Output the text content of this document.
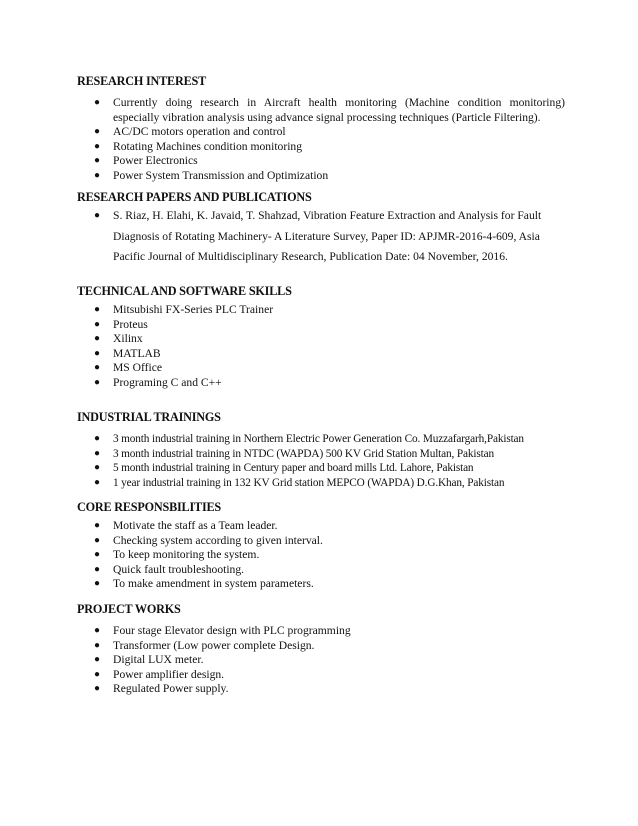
RESEARCH INTEREST
● Currently doing research in Aircraft health monitoring (Machine condition monitoring) especially vibration analysis using advance signal processing techniques (Particle Filtering).
● AC/DC motors operation and control
● Rotating Machines condition monitoring
● Power Electronics
● Power System Transmission and Optimization
RESEARCH PAPERS AND PUBLICATIONS
● S. Riaz, H. Elahi, K. Javaid, T. Shahzad, Vibration Feature Extraction and Analysis for Fault Diagnosis of Rotating Machinery- A Literature Survey, Paper ID: APJMR-2016-4-609, Asia Pacific Journal of Multidisciplinary Research, Publication Date: 04 November, 2016.
TECHNICAL AND SOFTWARE SKILLS
● Mitsubishi FX-Series PLC Trainer
● Proteus
● Xilinx
● MATLAB
● MS Office
● Programing C and C++
INDUSTRIAL TRAININGS
● 3 month industrial training in Northern Electric Power Generation Co. Muzzafargarh,Pakistan
● 3 month industrial training in NTDC (WAPDA) 500 KV Grid Station Multan, Pakistan
● 5 month industrial training in Century paper and board mills Ltd. Lahore, Pakistan
● 1 year industrial training in 132 KV Grid station MEPCO (WAPDA) D.G.Khan, Pakistan
CORE RESPONSBILITIES
● Motivate the staff as a Team leader.
● Checking system according to given interval.
● To keep monitoring the system.
● Quick fault troubleshooting.
● To make amendment in system parameters.
PROJECT WORKS
● Four stage Elevator design with PLC programming
● Transformer (Low power complete Design.
● Digital LUX meter.
● Power amplifier design.
● Regulated Power supply.
